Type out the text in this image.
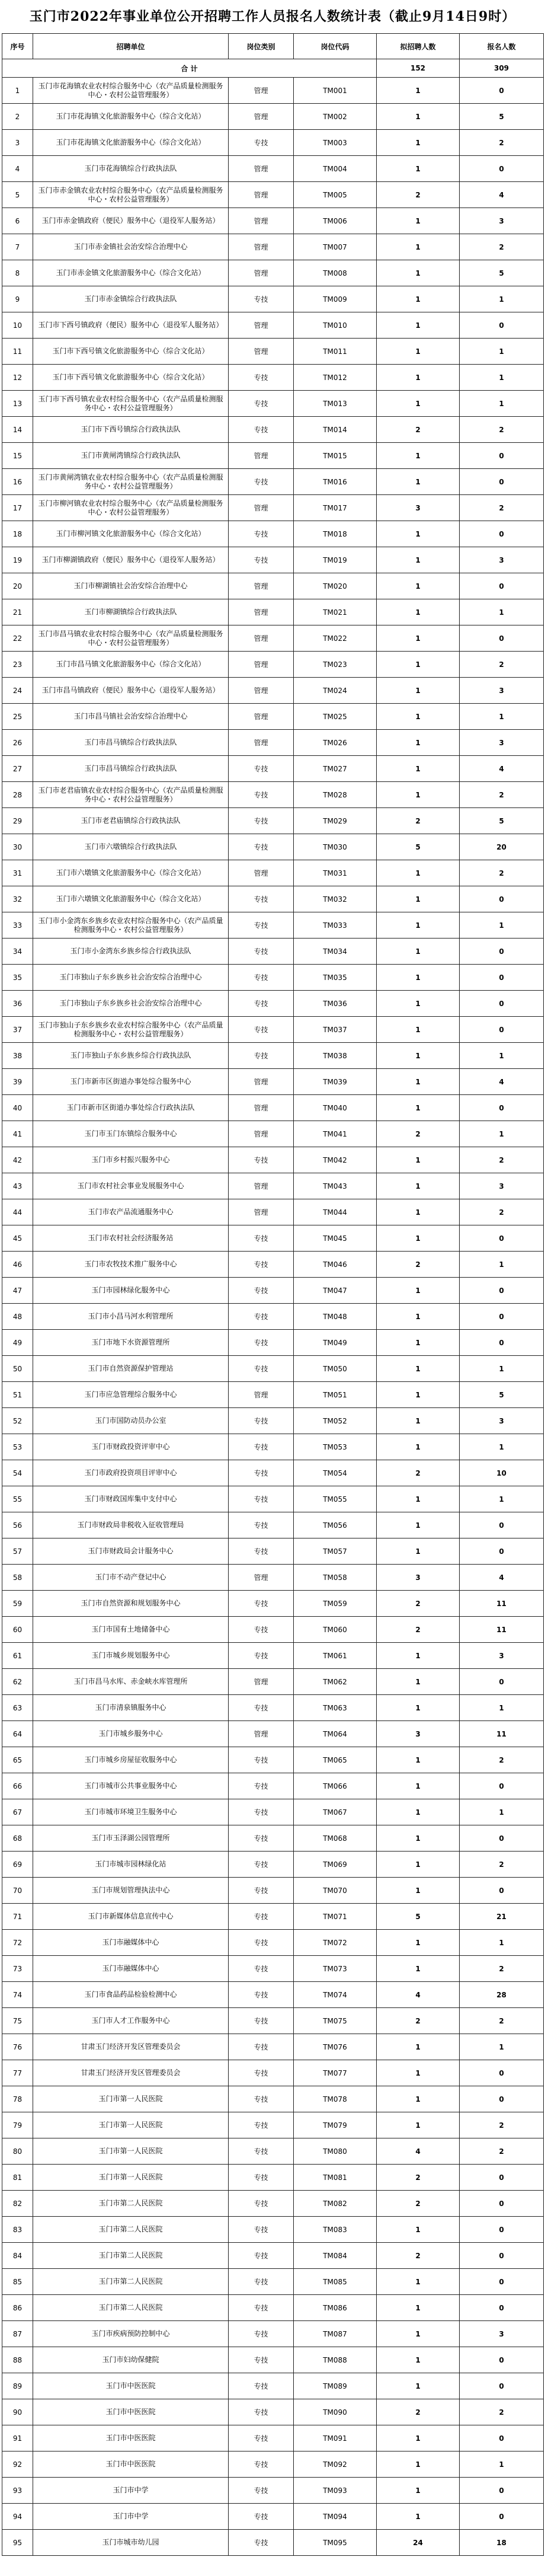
玉门市2022年事业单位公开招聘工作人员报名人数统计表（截止9月14日9时）
序号	招聘单位	岗位类别	岗位代码	拟招聘人数	报名人数
合 计				152	309
1	玉门市花海镇农业农村综合服务中心（农产品质量检测服务中心・农村公益管理服务）	管理	TM001	1	0
2	玉门市花海镇文化旅游服务中心（综合文化站）	管理	TM002	1	5
3	玉门市花海镇文化旅游服务中心（综合文化站）	专技	TM003	1	2
4	玉门市花海镇综合行政执法队	管理	TM004	1	0
5	玉门市赤金镇农业农村综合服务中心（农产品质量检测服务中心・农村公益管理服务）	管理	TM005	2	4
6	玉门市赤金镇政府（便民）服务中心（退役军人服务站）	管理	TM006	1	3
7	玉门市赤金镇社会治安综合治理中心	管理	TM007	1	2
8	玉门市赤金镇文化旅游服务中心（综合文化站）	管理	TM008	1	5
9	玉门市赤金镇综合行政执法队	专技	TM009	1	1
10	玉门市下西号镇政府（便民）服务中心（退役军人服务站）	管理	TM010	1	0
11	玉门市下西号镇文化旅游服务中心（综合文化站）	管理	TM011	1	1
12	玉门市下西号镇文化旅游服务中心（综合文化站）	专技	TM012	1	1
13	玉门市下西号镇农业农村综合服务中心（农产品质量检测服务中心・农村公益管理服务）	专技	TM013	1	1
14	玉门市下西号镇综合行政执法队	专技	TM014	2	2
15	玉门市黄闸湾镇综合行政执法队	管理	TM015	1	0
16	玉门市黄闸湾镇农业农村综合服务中心（农产品质量检测服务中心・农村公益管理服务）	专技	TM016	1	0
17	玉门市柳河镇农业农村综合服务中心（农产品质量检测服务中心・农村公益管理服务）	管理	TM017	3	2
18	玉门市柳河镇文化旅游服务中心（综合文化站）	专技	TM018	1	0
19	玉门市柳湖镇政府（便民）服务中心（退役军人服务站）	专技	TM019	1	3
20	玉门市柳湖镇社会治安综合治理中心	管理	TM020	1	0
21	玉门市柳湖镇综合行政执法队	管理	TM021	1	1
22	玉门市昌马镇农业农村综合服务中心（农产品质量检测服务中心・农村公益管理服务）	管理	TM022	1	0
23	玉门市昌马镇文化旅游服务中心（综合文化站）	管理	TM023	1	2
24	玉门市昌马镇政府（便民）服务中心（退役军人服务站）	管理	TM024	1	3
25	玉门市昌马镇社会治安综合治理中心	管理	TM025	1	1
26	玉门市昌马镇综合行政执法队	管理	TM026	1	3
27	玉门市昌马镇综合行政执法队	专技	TM027	1	4
28	玉门市老君庙镇农业农村综合服务中心（农产品质量检测服务中心・农村公益管理服务）	专技	TM028	1	2
29	玉门市老君庙镇综合行政执法队	专技	TM029	2	5
30	玉门市六墩镇综合行政执法队	专技	TM030	5	20
31	玉门市六墩镇文化旅游服务中心（综合文化站）	管理	TM031	1	2
32	玉门市六墩镇文化旅游服务中心（综合文化站）	专技	TM032	1	0
33	玉门市小金湾东乡族乡农业农村综合服务中心（农产品质量检测服务中心・农村公益管理服务）	专技	TM033	1	1
34	玉门市小金湾东乡族乡综合行政执法队	专技	TM034	1	0
35	玉门市独山子东乡族乡社会治安综合治理中心	专技	TM035	1	0
36	玉门市独山子东乡族乡社会治安综合治理中心	专技	TM036	1	0
37	玉门市独山子东乡族乡农业农村综合服务中心（农产品质量检测服务中心・农村公益管理服务）	专技	TM037	1	0
38	玉门市独山子东乡族乡综合行政执法队	专技	TM038	1	1
39	玉门市新市区街道办事处综合服务中心	管理	TM039	1	4
40	玉门市新市区街道办事处综合行政执法队	管理	TM040	1	0
41	玉门市玉门东镇综合服务中心	管理	TM041	2	1
42	玉门市乡村振兴服务中心	专技	TM042	1	2
43	玉门市农村社会事业发展服务中心	管理	TM043	1	3
44	玉门市农产品流通服务中心	管理	TM044	1	2
45	玉门市农村社会经济服务站	专技	TM045	1	0
46	玉门市农牧技术推广服务中心	专技	TM046	2	1
47	玉门市园林绿化服务中心	专技	TM047	1	0
48	玉门市小昌马河水利管理所	专技	TM048	1	0
49	玉门市地下水资源管理所	专技	TM049	1	0
50	玉门市自然资源保护管理站	专技	TM050	1	1
51	玉门市应急管理综合服务中心	管理	TM051	1	5
52	玉门市国防动员办公室	专技	TM052	1	3
53	玉门市财政投资评审中心	专技	TM053	1	1
54	玉门市政府投资项目评审中心	专技	TM054	2	10
55	玉门市财政国库集中支付中心	专技	TM055	1	1
56	玉门市财政局非税收入征收管理局	专技	TM056	1	0
57	玉门市财政局会计服务中心	专技	TM057	1	0
58	玉门市不动产登记中心	管理	TM058	3	4
59	玉门市自然资源和规划服务中心	专技	TM059	2	11
60	玉门市国有土地储备中心	专技	TM060	2	11
61	玉门市城乡规划服务中心	专技	TM061	1	3
62	玉门市昌马水库、赤金峡水库管理所	管理	TM062	1	0
63	玉门市清泉镇服务中心	专技	TM063	1	1
64	玉门市城乡服务中心	管理	TM064	3	11
65	玉门市城乡房屋征收服务中心	专技	TM065	1	2
66	玉门市城市公共事业服务中心	专技	TM066	1	0
67	玉门市城市环境卫生服务中心	专技	TM067	1	1
68	玉门市玉泽湖公园管理所	专技	TM068	1	0
69	玉门市城市园林绿化站	专技	TM069	1	2
70	玉门市规划管理执法中心	专技	TM070	1	0
71	玉门市新媒体信息宣传中心	专技	TM071	5	21
72	玉门市融媒体中心	专技	TM072	1	1
73	玉门市融媒体中心	专技	TM073	1	2
74	玉门市食品药品检验检测中心	专技	TM074	4	28
75	玉门市人才工作服务中心	专技	TM075	2	2
76	甘肃玉门经济开发区管理委员会	专技	TM076	1	1
77	甘肃玉门经济开发区管理委员会	专技	TM077	1	0
78	玉门市第一人民医院	专技	TM078	1	0
79	玉门市第一人民医院	专技	TM079	1	2
80	玉门市第一人民医院	专技	TM080	4	2
81	玉门市第一人民医院	专技	TM081	2	0
82	玉门市第二人民医院	专技	TM082	2	0
83	玉门市第二人民医院	专技	TM083	1	0
84	玉门市第二人民医院	专技	TM084	2	0
85	玉门市第二人民医院	专技	TM085	1	0
86	玉门市第二人民医院	专技	TM086	1	0
87	玉门市疾病预防控制中心	专技	TM087	1	3
88	玉门市妇幼保健院	专技	TM088	1	0
89	玉门市中医医院	专技	TM089	1	0
90	玉门市中医医院	专技	TM090	2	2
91	玉门市中医医院	专技	TM091	1	0
92	玉门市中医医院	专技	TM092	1	1
93	玉门市中学	专技	TM093	1	0
94	玉门市中学	专技	TM094	1	0
95	玉门市城市幼儿园	专技	TM095	24	18
